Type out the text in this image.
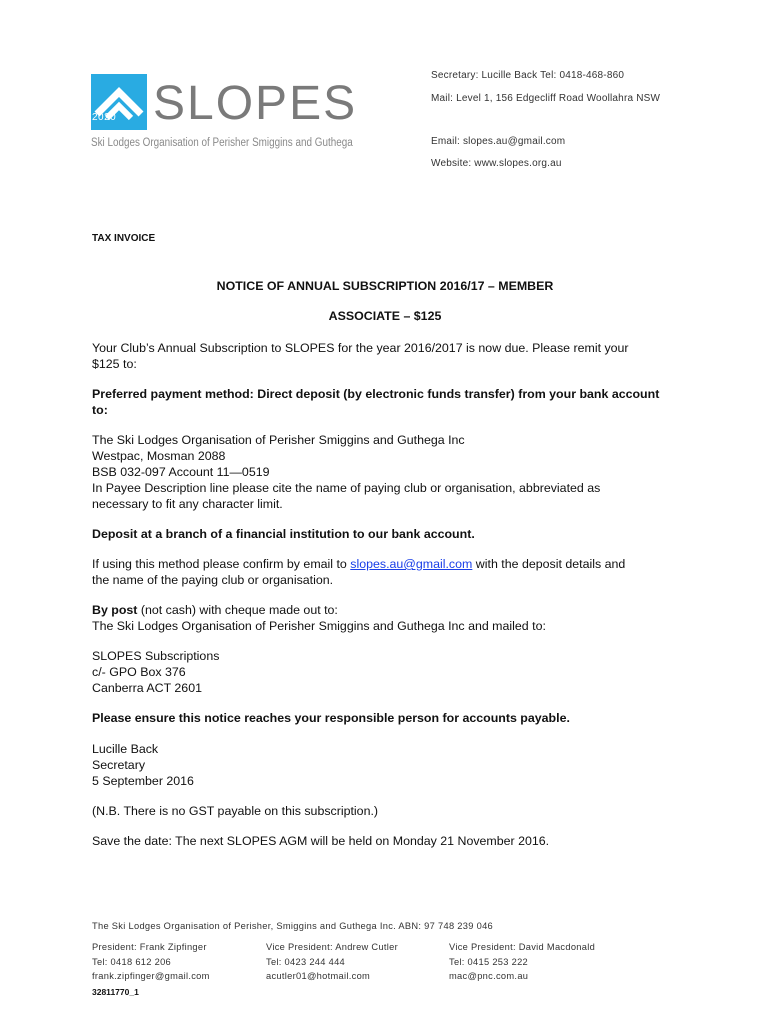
2020 SLOPES
Ski Lodges Organisation of Perisher Smiggins and Guthega
Secretary: Lucille Back Tel: 0418-468-860
Mail: Level 1, 156 Edgecliff Road Woollahra NSW
Email: slopes.au@gmail.com
Website: www.slopes.org.au
TAX INVOICE
NOTICE OF ANNUAL SUBSCRIPTION 2016/17 – MEMBER
ASSOCIATE – $125
Your Club’s Annual Subscription to SLOPES for the year 2016/2017 is now due. Please remit your
$125 to:
Preferred payment method: Direct deposit (by electronic funds transfer) from your bank account
to:
The Ski Lodges Organisation of Perisher Smiggins and Guthega Inc
Westpac, Mosman 2088
BSB 032-097 Account 11—0519
In Payee Description line please cite the name of paying club or organisation, abbreviated as
necessary to fit any character limit.
Deposit at a branch of a financial institution to our bank account.
If using this method please confirm by email to slopes.au@gmail.com with the deposit details and
the name of the paying club or organisation.
By post (not cash) with cheque made out to:
The Ski Lodges Organisation of Perisher Smiggins and Guthega Inc and mailed to:
SLOPES Subscriptions
c/- GPO Box 376
Canberra ACT 2601
Please ensure this notice reaches your responsible person for accounts payable.
Lucille Back
Secretary
5 September 2016
(N.B. There is no GST payable on this subscription.)
Save the date: The next SLOPES AGM will be held on Monday 21 November 2016.
The Ski Lodges Organisation of Perisher, Smiggins and Guthega Inc. ABN: 97 748 239 046
President: Frank Zipfinger
Tel: 0418 612 206
frank.zipfinger@gmail.com
Vice President: Andrew Cutler
Tel: 0423 244 444
acutler01@hotmail.com
Vice President: David Macdonald
Tel: 0415 253 222
mac@pnc.com.au
32811770_1
